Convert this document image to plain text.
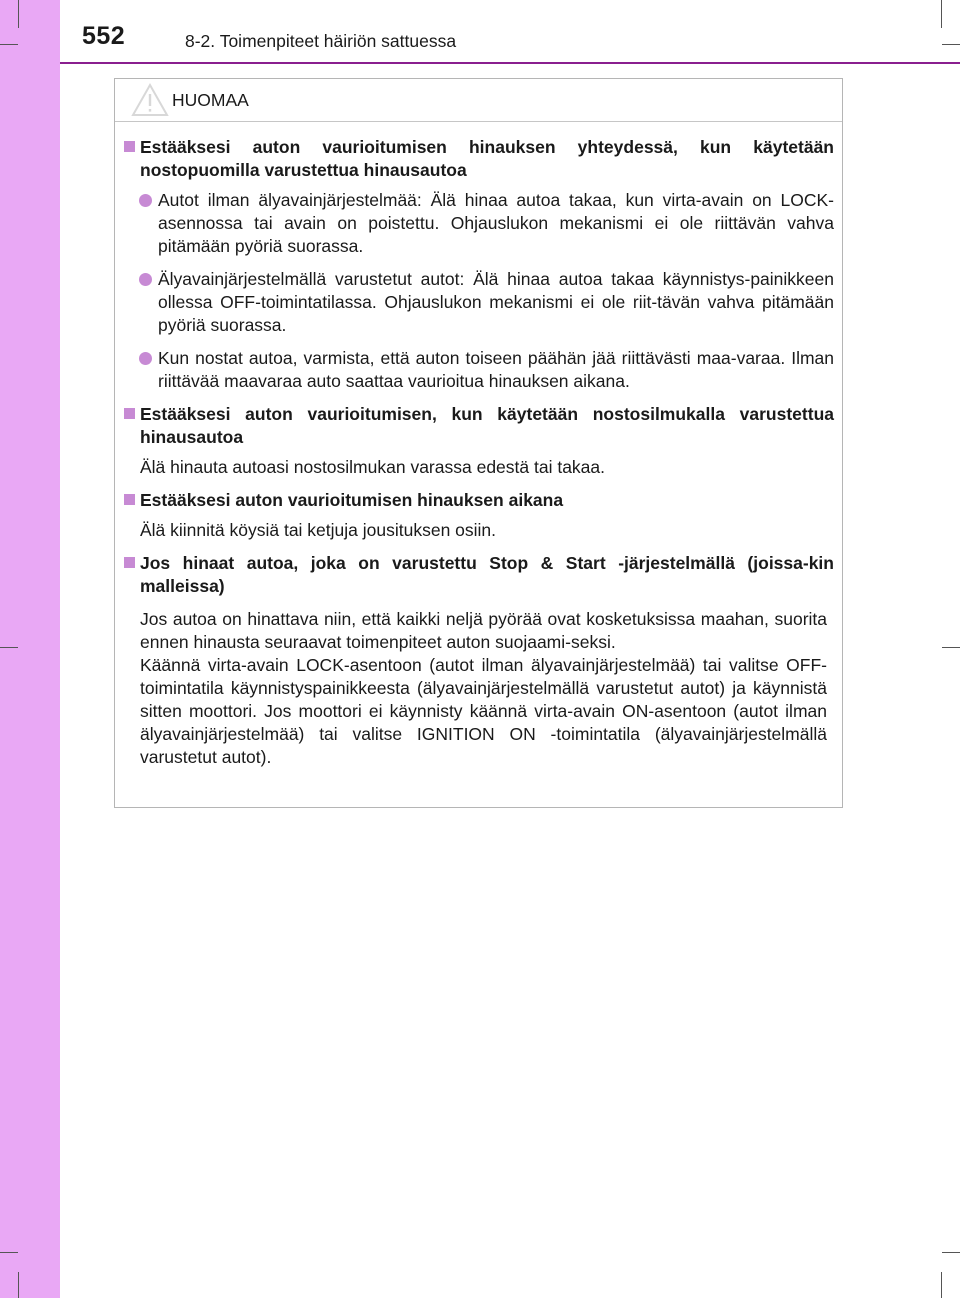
552	8-2. Toimenpiteet häiriön sattuessa
HUOMAA
Estääksesi auton vaurioitumisen hinauksen yhteydessä, kun käytetään nostopuomilla varustettua hinausautoa
Autot ilman älyavainjärjestelmää: Älä hinaa autoa takaa, kun virta-avain on LOCK-asennossa tai avain on poistettu. Ohjauslukon mekanismi ei ole riittävän vahva pitämään pyöriä suorassa.
Älyavainjärjestelmällä varustetut autot: Älä hinaa autoa takaa käynnistys-painikkeen ollessa OFF-toimintatilassa. Ohjauslukon mekanismi ei ole riit-tävän vahva pitämään pyöriä suorassa.
Kun nostat autoa, varmista, että auton toiseen päähän jää riittävästi maa-varaa. Ilman riittävää maavaraa auto saattaa vaurioitua hinauksen aikana.
Estääksesi auton vaurioitumisen, kun käytetään nostosilmukalla varustettua hinausautoa
Älä hinauta autoasi nostosilmukan varassa edestä tai takaa.
Estääksesi auton vaurioitumisen hinauksen aikana
Älä kiinnitä köysiä tai ketjuja jousituksen osiin.
Jos hinaat autoa, joka on varustettu Stop & Start -järjestelmällä (joissa-kin malleissa)
Jos autoa on hinattava niin, että kaikki neljä pyörää ovat kosketuksissa maahan, suorita ennen hinausta seuraavat toimenpiteet auton suojaami-seksi.
Käännä virta-avain LOCK-asentoon (autot ilman älyavainjärjestelmää) tai valitse OFF-toimintatila käynnistyspainikkeesta (älyavainjärjestelmällä varustetut autot) ja käynnistä sitten moottori. Jos moottori ei käynnisty käännä virta-avain ON-asentoon (autot ilman älyavainjärjestelmää) tai valitse IGNITION ON -toimintatila (älyavainjärjestelmällä varustetut autot).
